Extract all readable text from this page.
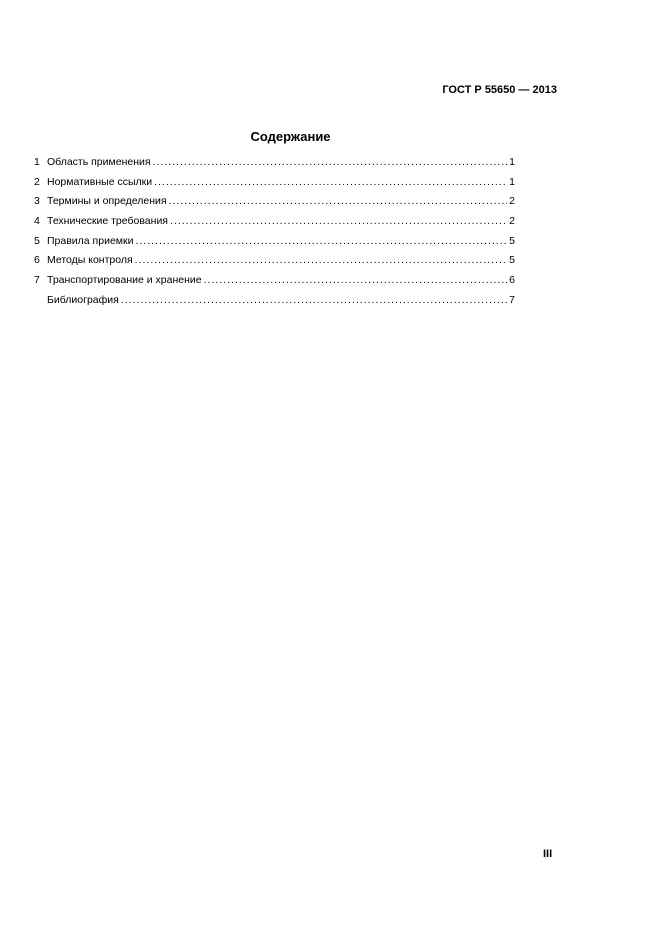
ГОСТ Р 55650 — 2013
Содержание
1 Область применения .....	1
2 Нормативные ссылки .....	1
3 Термины и определения .....	2
4 Технические требования .....	2
5 Правила приемки .....	5
6 Методы контроля .....	5
7 Транспортирование и хранение .....	6
Библиография .....	7
III
